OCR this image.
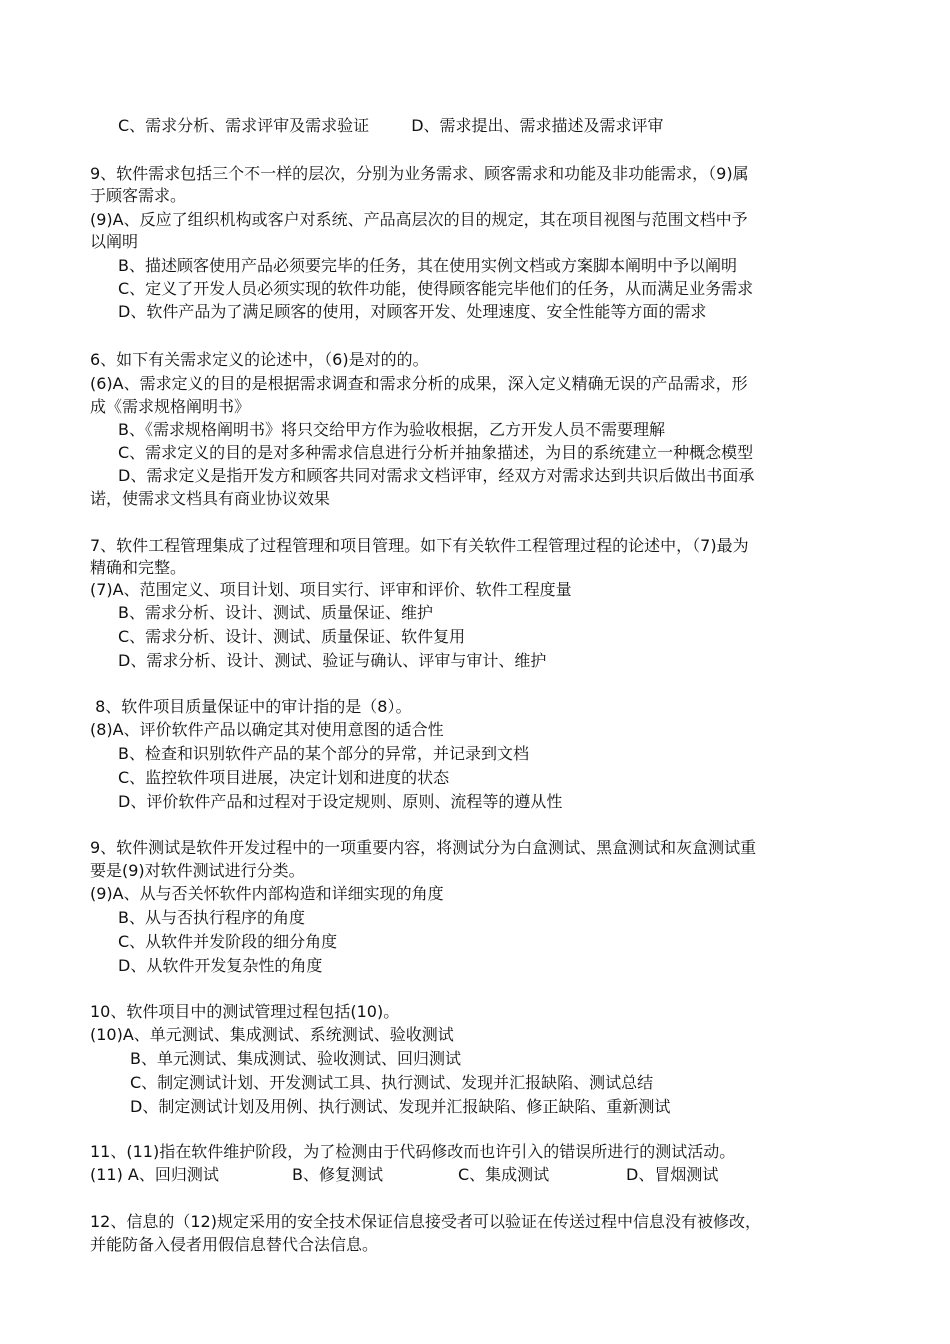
C、需求分析、需求评审及需求验证	D、需求提出、需求描述及需求评审
9、软件需求包括三个不一样的层次，分别为业务需求、顾客需求和功能及非功能需求，（9)属
于顾客需求。
(9)A、反应了组织机构或客户对系统、产品高层次的目的规定，其在项目视图与范围文档中予
以阐明
B、描述顾客使用产品必须要完毕的任务，其在使用实例文档或方案脚本阐明中予以阐明
C、定义了开发人员必须实现的软件功能，使得顾客能完毕他们的任务，从而满足业务需求
D、软件产品为了满足顾客的使用，对顾客开发、处理速度、安全性能等方面的需求
6、如下有关需求定义的论述中，（6)是对的的。
(6)A、需求定义的目的是根据需求调查和需求分析的成果，深入定义精确无误的产品需求，形
成《需求规格阐明书》
B、《需求规格阐明书》将只交给甲方作为验收根据，乙方开发人员不需要理解
C、需求定义的目的是对多种需求信息进行分析并抽象描述，为目的系统建立一种概念模型
D、需求定义是指开发方和顾客共同对需求文档评审，经双方对需求达到共识后做出书面承
诺，使需求文档具有商业协议效果
7、软件工程管理集成了过程管理和项目管理。如下有关软件工程管理过程的论述中，（7)最为
精确和完整。
(7)A、范围定义、项目计划、项目实行、评审和评价、软件工程度量
B、需求分析、设计、测试、质量保证、维护
C、需求分析、设计、测试、质量保证、软件复用
D、需求分析、设计、测试、验证与确认、评审与审计、维护
8、软件项目质量保证中的审计指的是（8）。
(8)A、评价软件产品以确定其对使用意图的适合性
B、检查和识别软件产品的某个部分的异常，并记录到文档
C、监控软件项目进展，决定计划和进度的状态
D、评价软件产品和过程对于设定规则、原则、流程等的遵从性
9、软件测试是软件开发过程中的一项重要内容，将测试分为白盒测试、黑盒测试和灰盒测试重
要是(9)对软件测试进行分类。
(9)A、从与否关怀软件内部构造和详细实现的角度
B、从与否执行程序的角度
C、从软件并发阶段的细分角度
D、从软件开发复杂性的角度
10、软件项目中的测试管理过程包括(10)。
(10)A、单元测试、集成测试、系统测试、验收测试
B、单元测试、集成测试、验收测试、回归测试
C、制定测试计划、开发测试工具、执行测试、发现并汇报缺陷、测试总结
D、制定测试计划及用例、执行测试、发现并汇报缺陷、修正缺陷、重新测试
11、(11)指在软件维护阶段，为了检测由于代码修改而也许引入的错误所进行的测试活动。
(11) A、回归测试	B、修复测试	C、集成测试	D、冒烟测试
12、信息的（12)规定采用的安全技术保证信息接受者可以验证在传送过程中信息没有被修改，
并能防备入侵者用假信息替代合法信息。
